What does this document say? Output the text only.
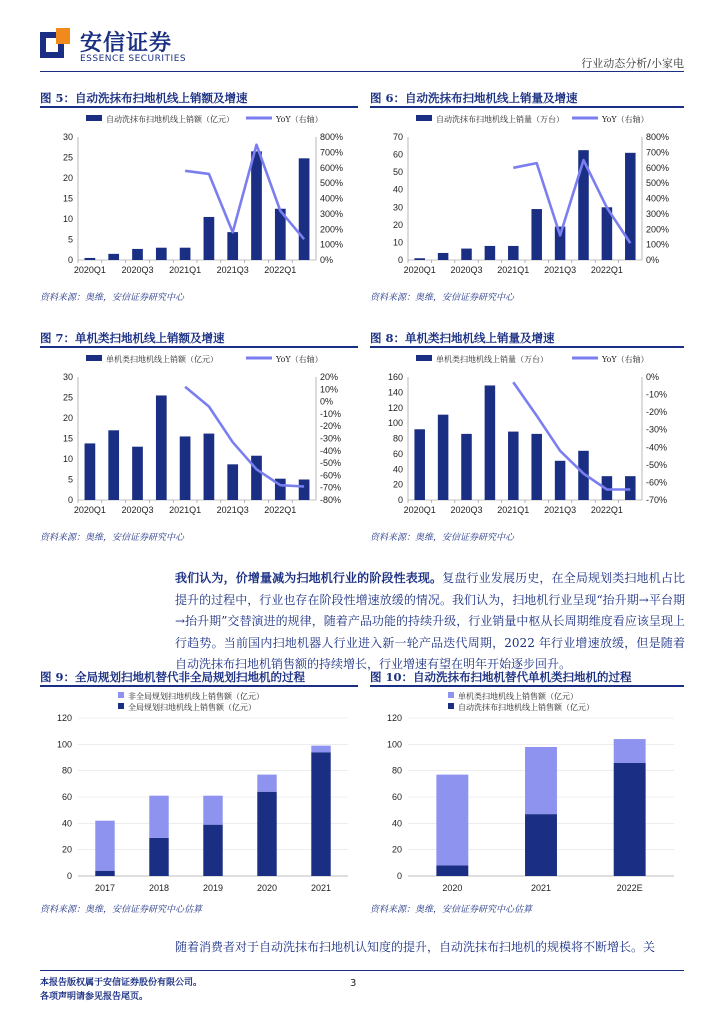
安信证券
ESSENCE SECURITIES	行业动态分析/小家电
图 5：自动洗抹布扫地机线上销额及增速	图 6：自动洗抹布扫地机线上销量及增速
资料来源：奥维，安信证券研究中心	资料来源：奥维，安信证券研究中心
图 7：单机类扫地机线上销额及增速	图 8：单机类扫地机线上销量及增速
资料来源：奥维，安信证券研究中心	资料来源：奥维，安信证券研究中心
图 9：全局规划扫地机替代非全局规划扫地机的过程	图 10：自动洗抹布扫地机替代单机类扫地机的过程
资料来源：奥维，安信证券研究中心估算	资料来源：奥维，安信证券研究中心估算
自动洗抹布扫地机线上销额（亿元）	YoY（右轴）
0
5
10
15
20
25
30
0%
100%
200%
300%
400%
500%
600%
700%
800%
2020Q1 2020Q3 2021Q1 2021Q3 2022Q1
自动洗抹布扫地机线上销量（万台）	YoY（右轴）
0
10
20
30
40
50
60
70
0%
100%
200%
300%
400%
500%
600%
700%
800%
2020Q1 2020Q3 2021Q1 2021Q3 2022Q1
单机类扫地机线上销额（亿元）	YoY（右轴）
0
5
10
15
20
25
30
-80%
-70%
-60%
-50%
-40%
-30%
-20%
-10%
0%
10%
20%
2020Q1 2020Q3 2021Q1 2021Q3 2022Q1
单机类扫地机线上销量（万台）	YoY（右轴）
0
20
40
60
80
100
120
140
160
-70%
-60%
-50%
-40%
-30%
-20%
-10%
0%
2020Q1 2020Q3 2021Q1 2021Q3 2022Q1
非全局规划扫地机线上销售额（亿元）
全局规划扫地机线上销售额（亿元）
0
20
40
60
80
100
120
2017	2018	2019	2020	2021
单机类扫地机线上销售额（亿元）
自动洗抹布扫地机线上销售额（亿元）
0
20
40
60
80
100
120
2020	2021	2022E
我们认为，价增量减为扫地机行业的阶段性表现。复盘行业发展历史，在全局规划类扫地机占比提升的过程中，行业也存在阶段性增速放缓的情况。我们认为，扫地机行业呈现“抬升期→平台期→抬升期”交替演进的规律，随着产品功能的持续升级，行业销量中枢从长周期维度看应该呈现上行趋势。当前国内扫地机器人行业进入新一轮产品迭代周期，2022 年行业增速放缓，但是随着自动洗抹布扫地机销售额的持续增长，行业增速有望在明年开始逐步回升。
随着消费者对于自动洗抹布扫地机认知度的提升，自动洗抹布扫地机的规模将不断增长。关
本报告版权属于安信证券股份有限公司。
各项声明请参见报告尾页。
3
